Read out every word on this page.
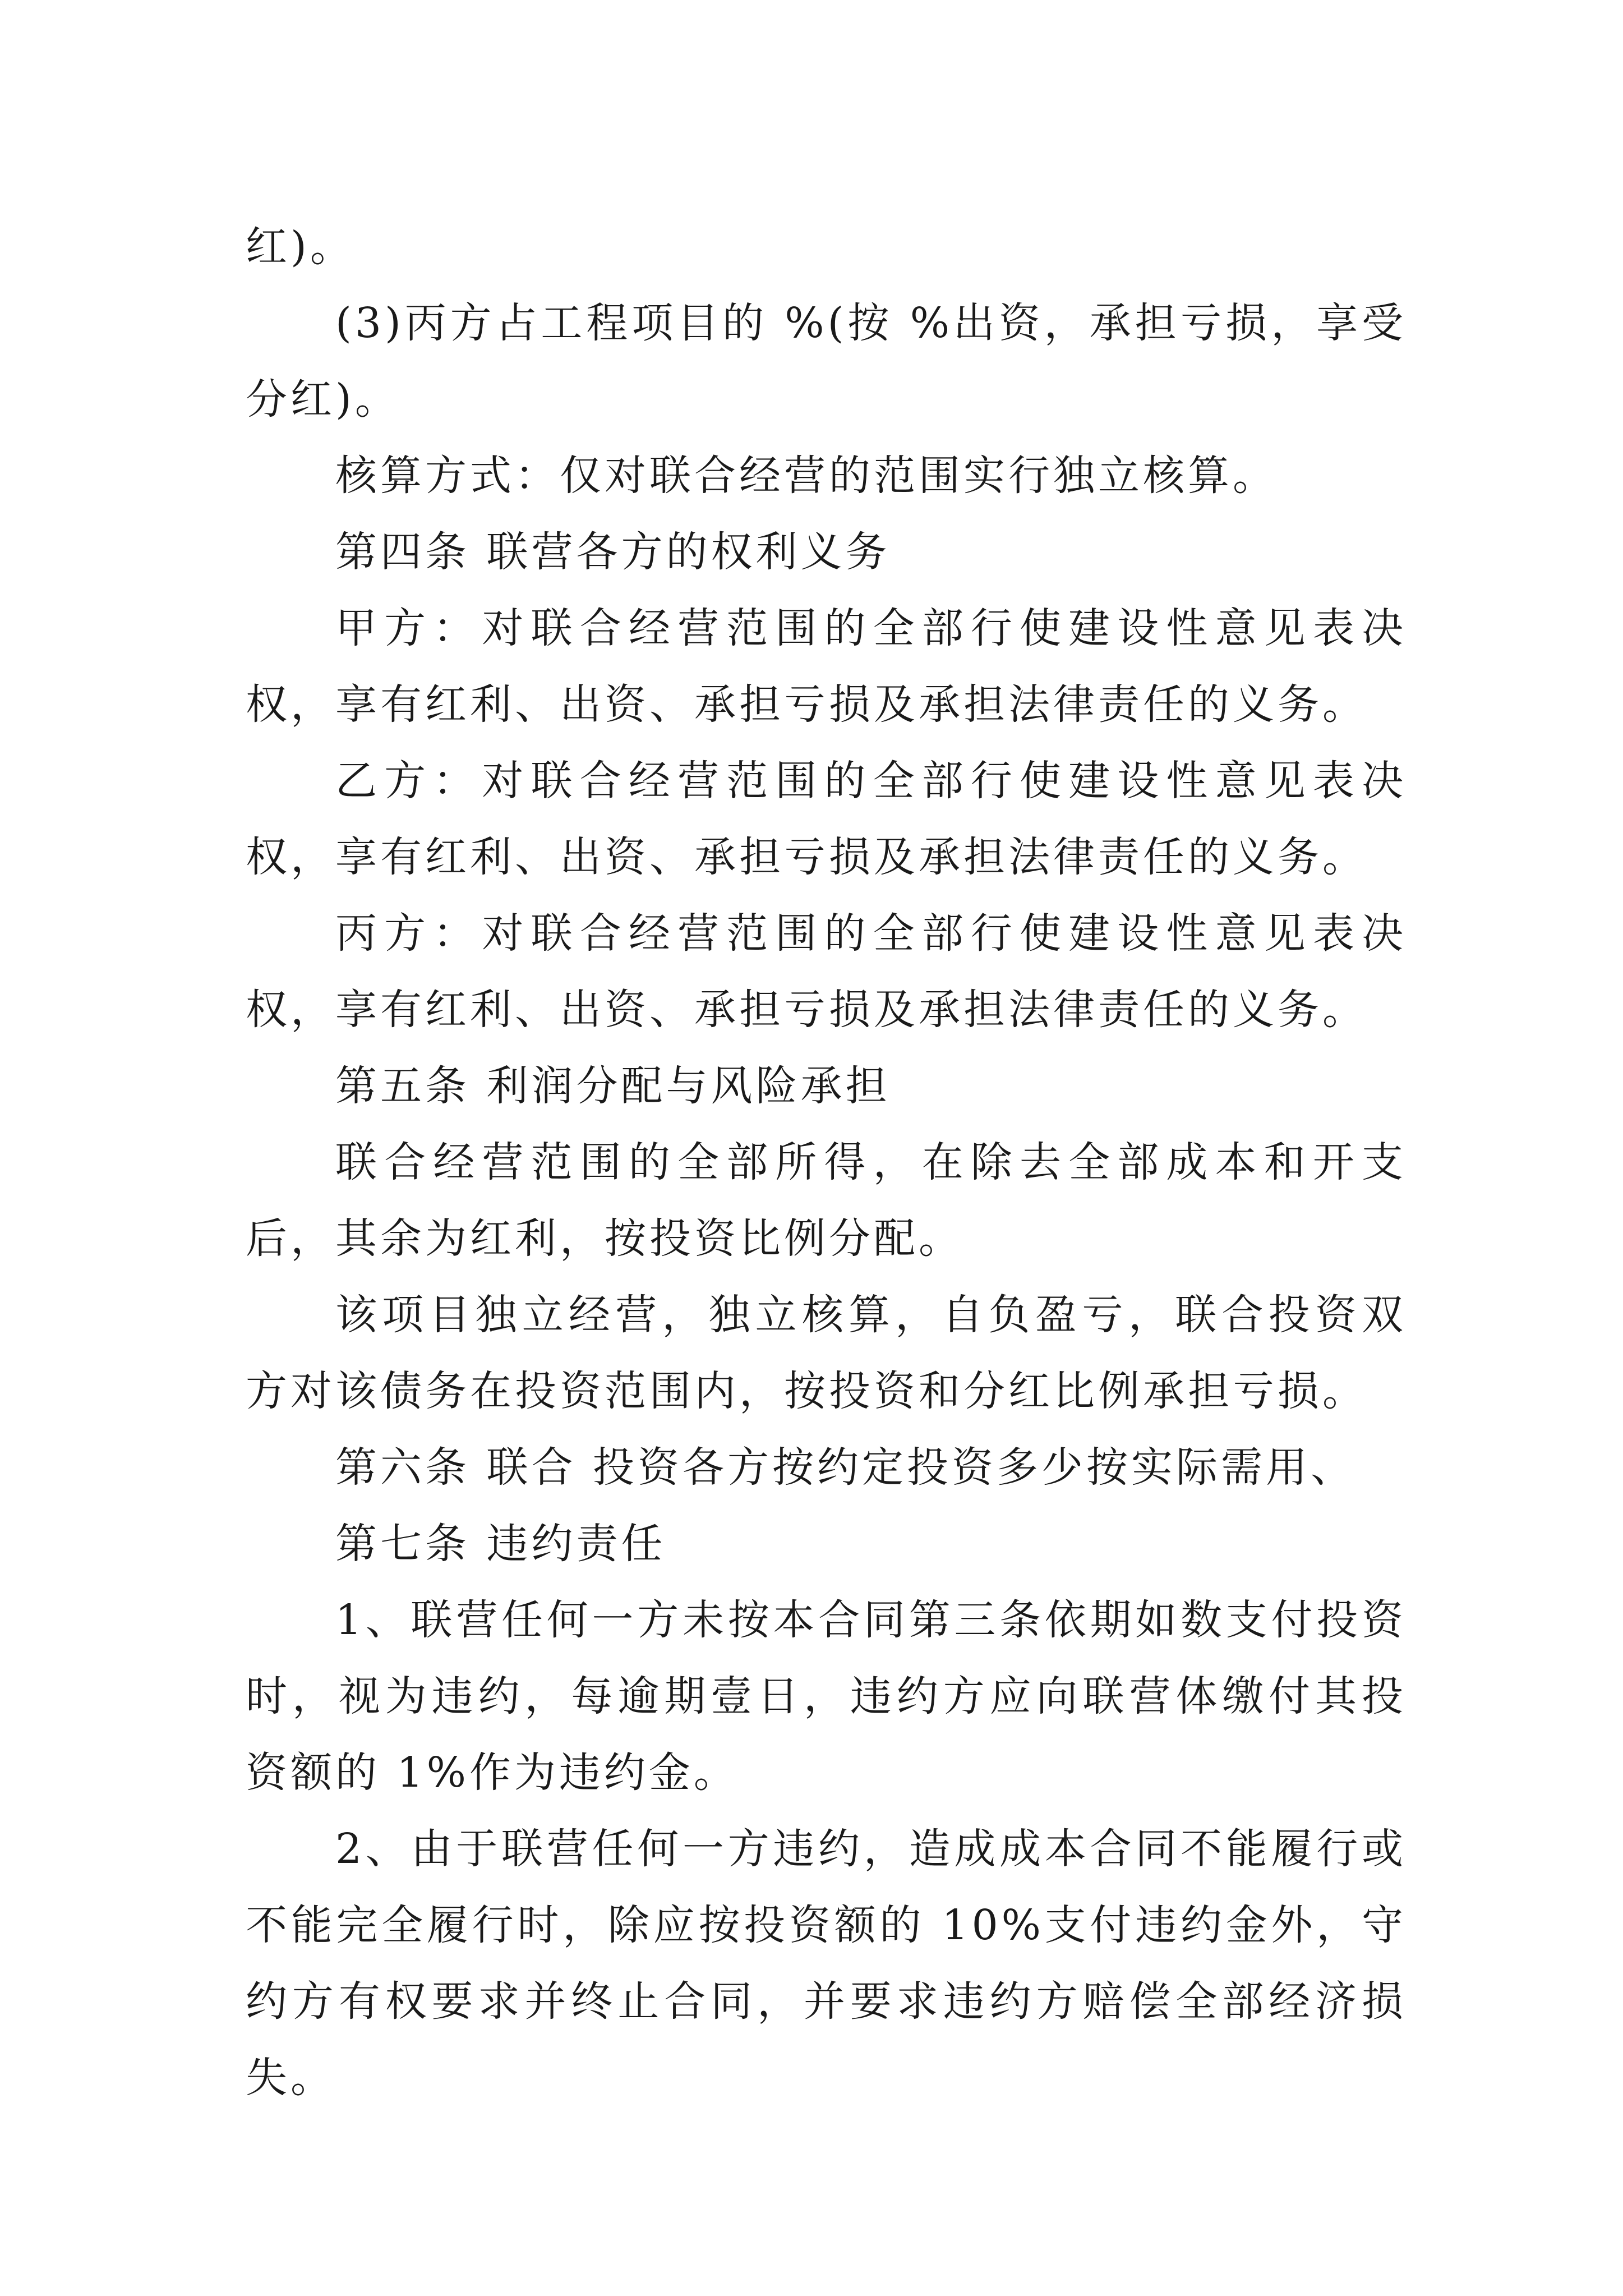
红)。

(3)丙方占工程项目的 %(按 %出资，承担亏损，享受分红)。

核算方式：仅对联合经营的范围实行独立核算。

第四条 联营各方的权利义务

甲方：对联合经营范围的全部行使建设性意见表决权，享有红利、出资、承担亏损及承担法律责任的义务。

乙方：对联合经营范围的全部行使建设性意见表决权，享有红利、出资、承担亏损及承担法律责任的义务。

丙方：对联合经营范围的全部行使建设性意见表决权，享有红利、出资、承担亏损及承担法律责任的义务。

第五条 利润分配与风险承担

联合经营范围的全部所得，在除去全部成本和开支后，其余为红利，按投资比例分配。

该项目独立经营，独立核算，自负盈亏，联合投资双方对该债务在投资范围内，按投资和分红比例承担亏损。

第六条 联合 投资各方按约定投资多少按实际需用、

第七条 违约责任

1、联营任何一方未按本合同第三条依期如数支付投资时，视为违约，每逾期壹日，违约方应向联营体缴付其投资额的 1%作为违约金。

2、由于联营任何一方违约，造成成本合同不能履行或不能完全履行时，除应按投资额的 10%支付违约金外，守约方有权要求并终止合同，并要求违约方赔偿全部经济损失。
